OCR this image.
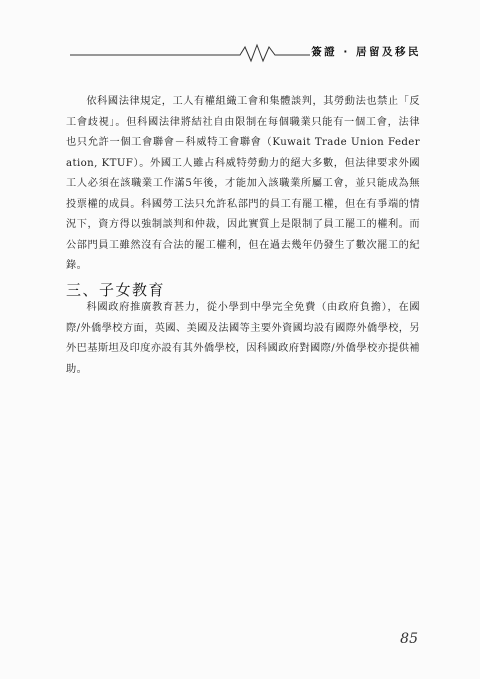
簽證 · 居留及移民

依科國法律規定，工人有權組織工會和集體談判，其勞動法也禁止「反工會歧視」。但科國法律將結社自由限制在每個職業只能有一個工會，法律也只允許一個工會聯會－科威特工會聯會（Kuwait Trade Union Federation, KTUF）。外國工人雖占科威特勞動力的絕大多數，但法律要求外國工人必須在該職業工作滿5年後，才能加入該職業所屬工會，並只能成為無投票權的成員。科國勞工法只允許私部門的員工有罷工權，但在有爭端的情況下，資方得以強制談判和仲裁，因此實質上是限制了員工罷工的權利。而公部門員工雖然沒有合法的罷工權利，但在過去幾年仍發生了數次罷工的紀錄。

三、子女教育

科國政府推廣教育甚力，從小學到中學完全免費（由政府負擔），在國際/外僑學校方面，英國、美國及法國等主要外資國均設有國際外僑學校，另外巴基斯坦及印度亦設有其外僑學校，因科國政府對國際/外僑學校亦提供補助。

85
